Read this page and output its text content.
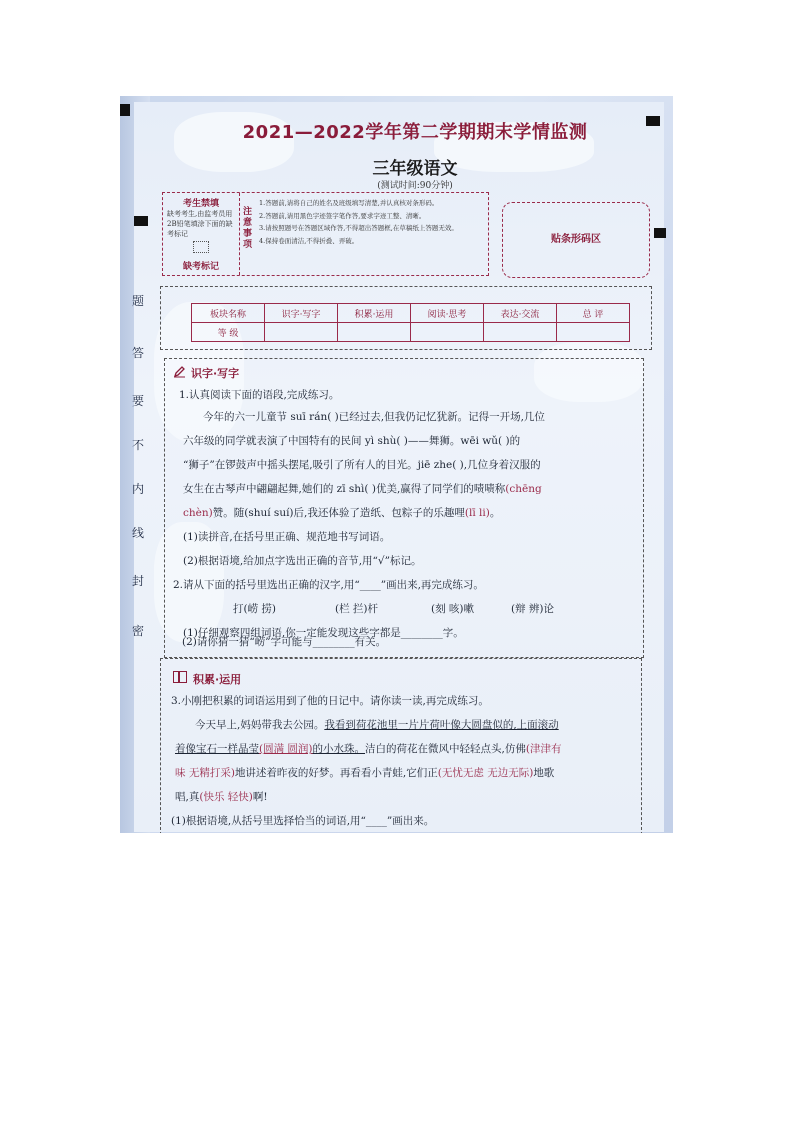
题
答
要
不
内
线
封
密
2021—2022学年第二学期期末学情监测
三年级语文
(测试时间:90分钟)
考生禁填
缺考考生,由监考员用2B铅笔填涂下面的缺考标记
缺考标记
注意事项
1.答题前,请将自己的姓名及班级填写清楚,并认真核对条形码。
2.答题前,请用黑色字迹签字笔作答,要求字迹工整、清晰。
3.请按照题号在答题区域作答,不得超出答题框,在草稿纸上答题无效。
4.保持卷面清洁,不得折叠、弄破。	贴条形码区
板块名称	识字·写字	积累·运用	阅读·思考	表达·交流	总 评
等 级					
识字·写字
1.认真阅读下面的语段,完成练习。
今年的六一儿童节 suī rán( )已经过去,但我仍记忆犹新。记得一开场,几位
六年级的同学就表演了中国特有的民间 yì shù( )——舞狮。wēi wǔ( )的
“狮子”在锣鼓声中摇头摆尾,吸引了所有人的目光。jiē zhe( ),几位身着汉服的
女生在古琴声中翩翩起舞,她们的 zī shì( )优美,赢得了同学们的啧啧称(chēng
chèn)赞。随(shuí suí)后,我还体验了造纸、包粽子的乐趣哩(lī li)。
(1)读拼音,在括号里正确、规范地书写词语。
(2)根据语境,给加点字选出正确的音节,用“√”标记。
2.请从下面的括号里选出正确的汉字,用“____”画出来,再完成练习。
打(崂 捞)	(栏 拦)杆	(刻 咳)嗽	(辩 辨)论
(1)仔细观察四组词语,你一定能发现这些字都是________字。
(2)请你猜一猜“崂”字可能与________有关。
积累·运用
3.小刚把积累的词语运用到了他的日记中。请你读一读,再完成练习。
今天早上,妈妈带我去公园。我看到荷花池里一片片荷叶像大圆盘似的,上面滚动
着像宝石一样晶莹(圆满 圆润)的小水珠。洁白的荷花在微风中轻轻点头,仿佛(津津有
味 无精打采)地讲述着昨夜的好梦。再看看小青蛙,它们正(无忧无虑 无边无际)地歌
唱,真(快乐 轻快)啊!
(1)根据语境,从括号里选择恰当的词语,用“____”画出来。
